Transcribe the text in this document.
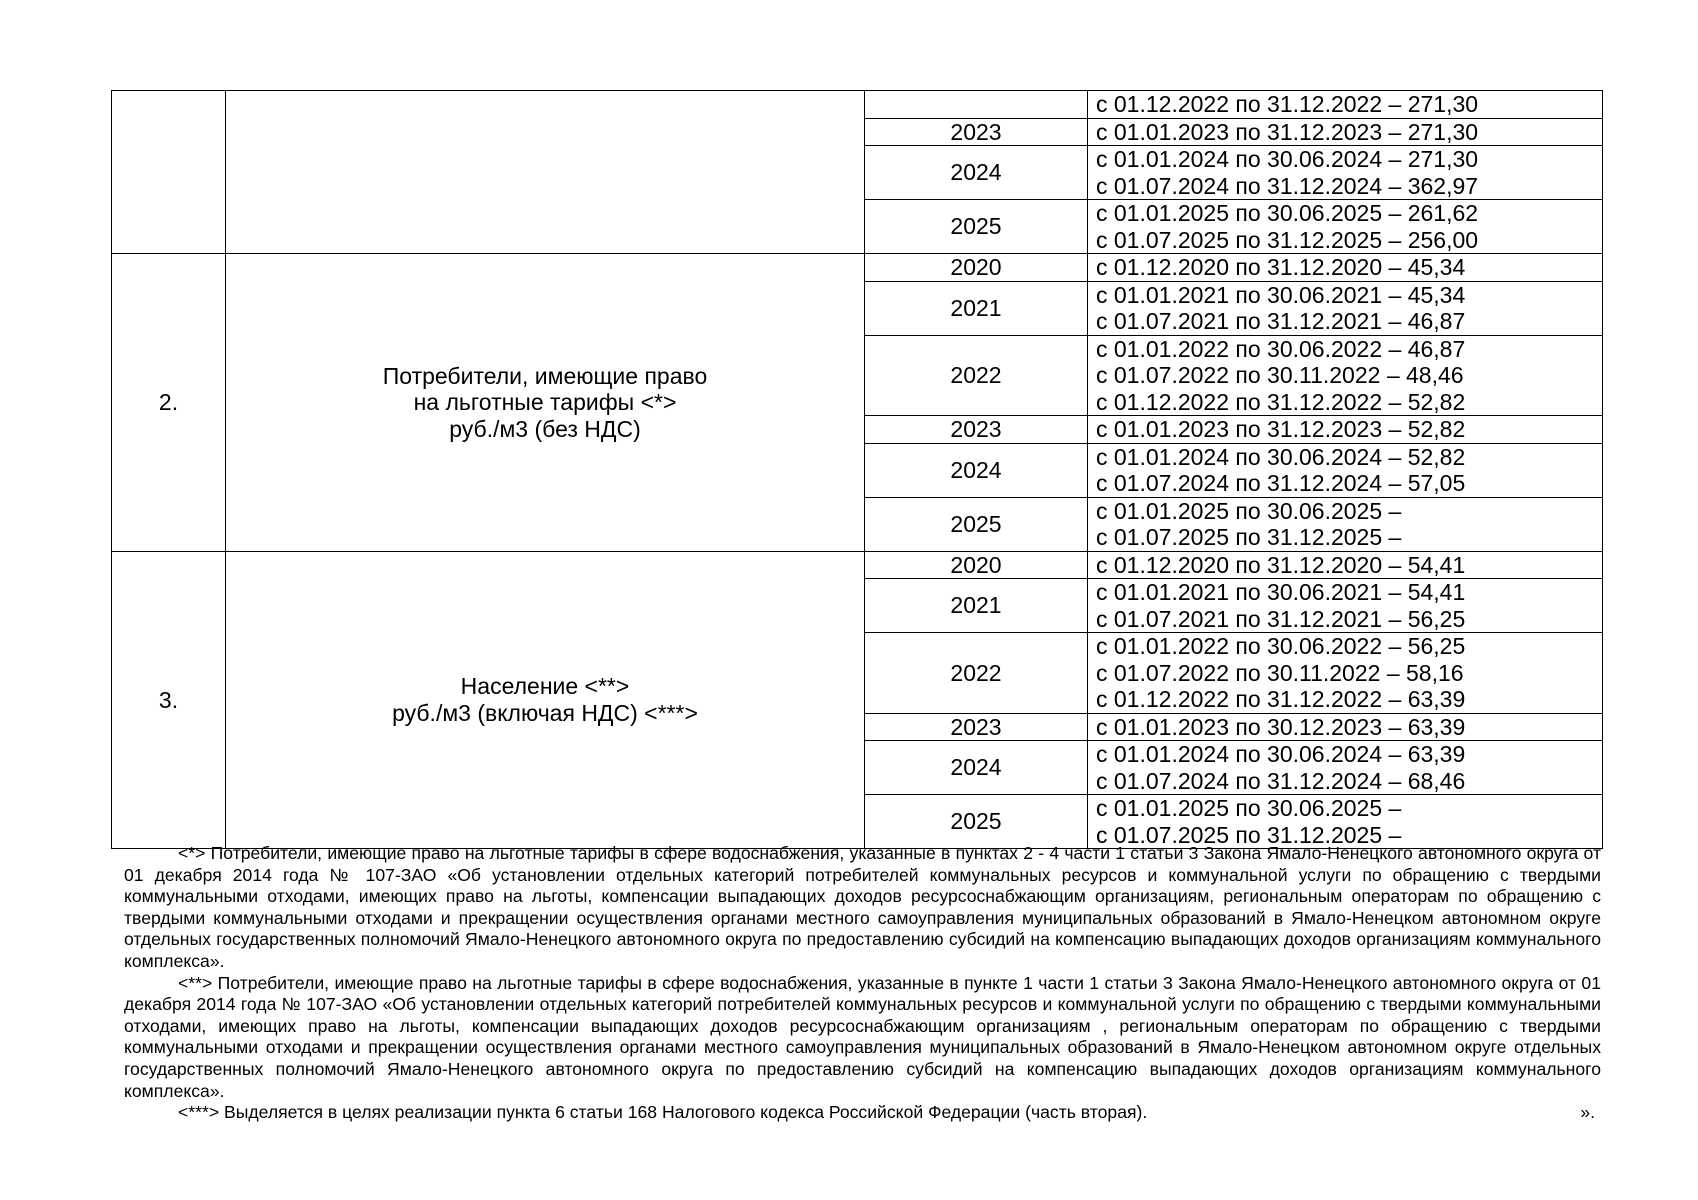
			с 01.12.2022 по 31.12.2022 – 271,30

		2023	с 01.01.2023 по 31.12.2023 – 271,30

		2024	с 01.01.2024 по 30.06.2024 – 271,30
с 01.07.2024 по 31.12.2024 – 362,97

		2025	с 01.01.2025 по 30.06.2025 – 261,62
с 01.07.2025 по 31.12.2025 – 256,00

2.	Потребители, имеющие право
на льготные тарифы <*>
руб./м3 (без НДС)	2020	с 01.12.2020 по 31.12.2020 – 45,34

		2021	с 01.01.2021 по 30.06.2021 – 45,34
с 01.07.2021 по 31.12.2021 – 46,87

		2022	с 01.01.2022 по 30.06.2022 – 46,87
с 01.07.2022 по 30.11.2022 – 48,46
с 01.12.2022 по 31.12.2022 – 52,82

		2023	с 01.01.2023 по 31.12.2023 – 52,82

		2024	с 01.01.2024 по 30.06.2024 – 52,82
с 01.07.2024 по 31.12.2024 – 57,05

		2025	с 01.01.2025 по 30.06.2025 –
с 01.07.2025 по 31.12.2025 –

3.	Население <**>
руб./м3 (включая НДС) <***>	2020	с 01.12.2020 по 31.12.2020 – 54,41

		2021	с 01.01.2021 по 30.06.2021 – 54,41
с 01.07.2021 по 31.12.2021 – 56,25

		2022	с 01.01.2022 по 30.06.2022 – 56,25
с 01.07.2022 по 30.11.2022 – 58,16
с 01.12.2022 по 31.12.2022 – 63,39

		2023	с 01.01.2023 по 30.12.2023 – 63,39

		2024	с 01.01.2024 по 30.06.2024 – 63,39
с 01.07.2024 по 31.12.2024 – 68,46

		2025	с 01.01.2025 по 30.06.2025 –
с 01.07.2025 по 31.12.2025 –

<*> Потребители, имеющие право на льготные тарифы в сфере водоснабжения, указанные в пунктах 2 - 4 части 1 статьи 3 Закона Ямало-Ненецкого автономного округа от 01 декабря 2014 года № 107-ЗАО «Об установлении отдельных категорий потребителей коммунальных ресурсов и коммунальной услуги по обращению с твердыми коммунальными отходами, имеющих право на льготы, компенсации выпадающих доходов ресурсоснабжающим организациям, региональным операторам по обращению с твердыми коммунальными отходами и прекращении осуществления органами местного самоуправления муниципальных образований в Ямало-Ненецком автономном округе отдельных государственных полномочий Ямало-Ненецкого автономного округа по предоставлению субсидий на компенсацию выпадающих доходов организациям коммунального комплекса».

<**> Потребители, имеющие право на льготные тарифы в сфере водоснабжения, указанные в пункте 1 части 1 статьи 3 Закона Ямало-Ненецкого автономного округа от 01 декабря 2014 года № 107-ЗАО «Об установлении отдельных категорий потребителей коммунальных ресурсов и коммунальной услуги по обращению с твердыми коммунальными отходами, имеющих право на льготы, компенсации выпадающих доходов ресурсоснабжающим организациям , региональным операторам по обращению с твердыми коммунальными отходами и прекращении осуществления органами местного самоуправления муниципальных образований в Ямало-Ненецком автономном округе отдельных государственных полномочий Ямало-Ненецкого автономного округа по предоставлению субсидий на компенсацию выпадающих доходов организациям коммунального комплекса».

<***> Выделяется в целях реализации пункта 6 статьи 168 Налогового кодекса Российской Федерации (часть вторая).	».
